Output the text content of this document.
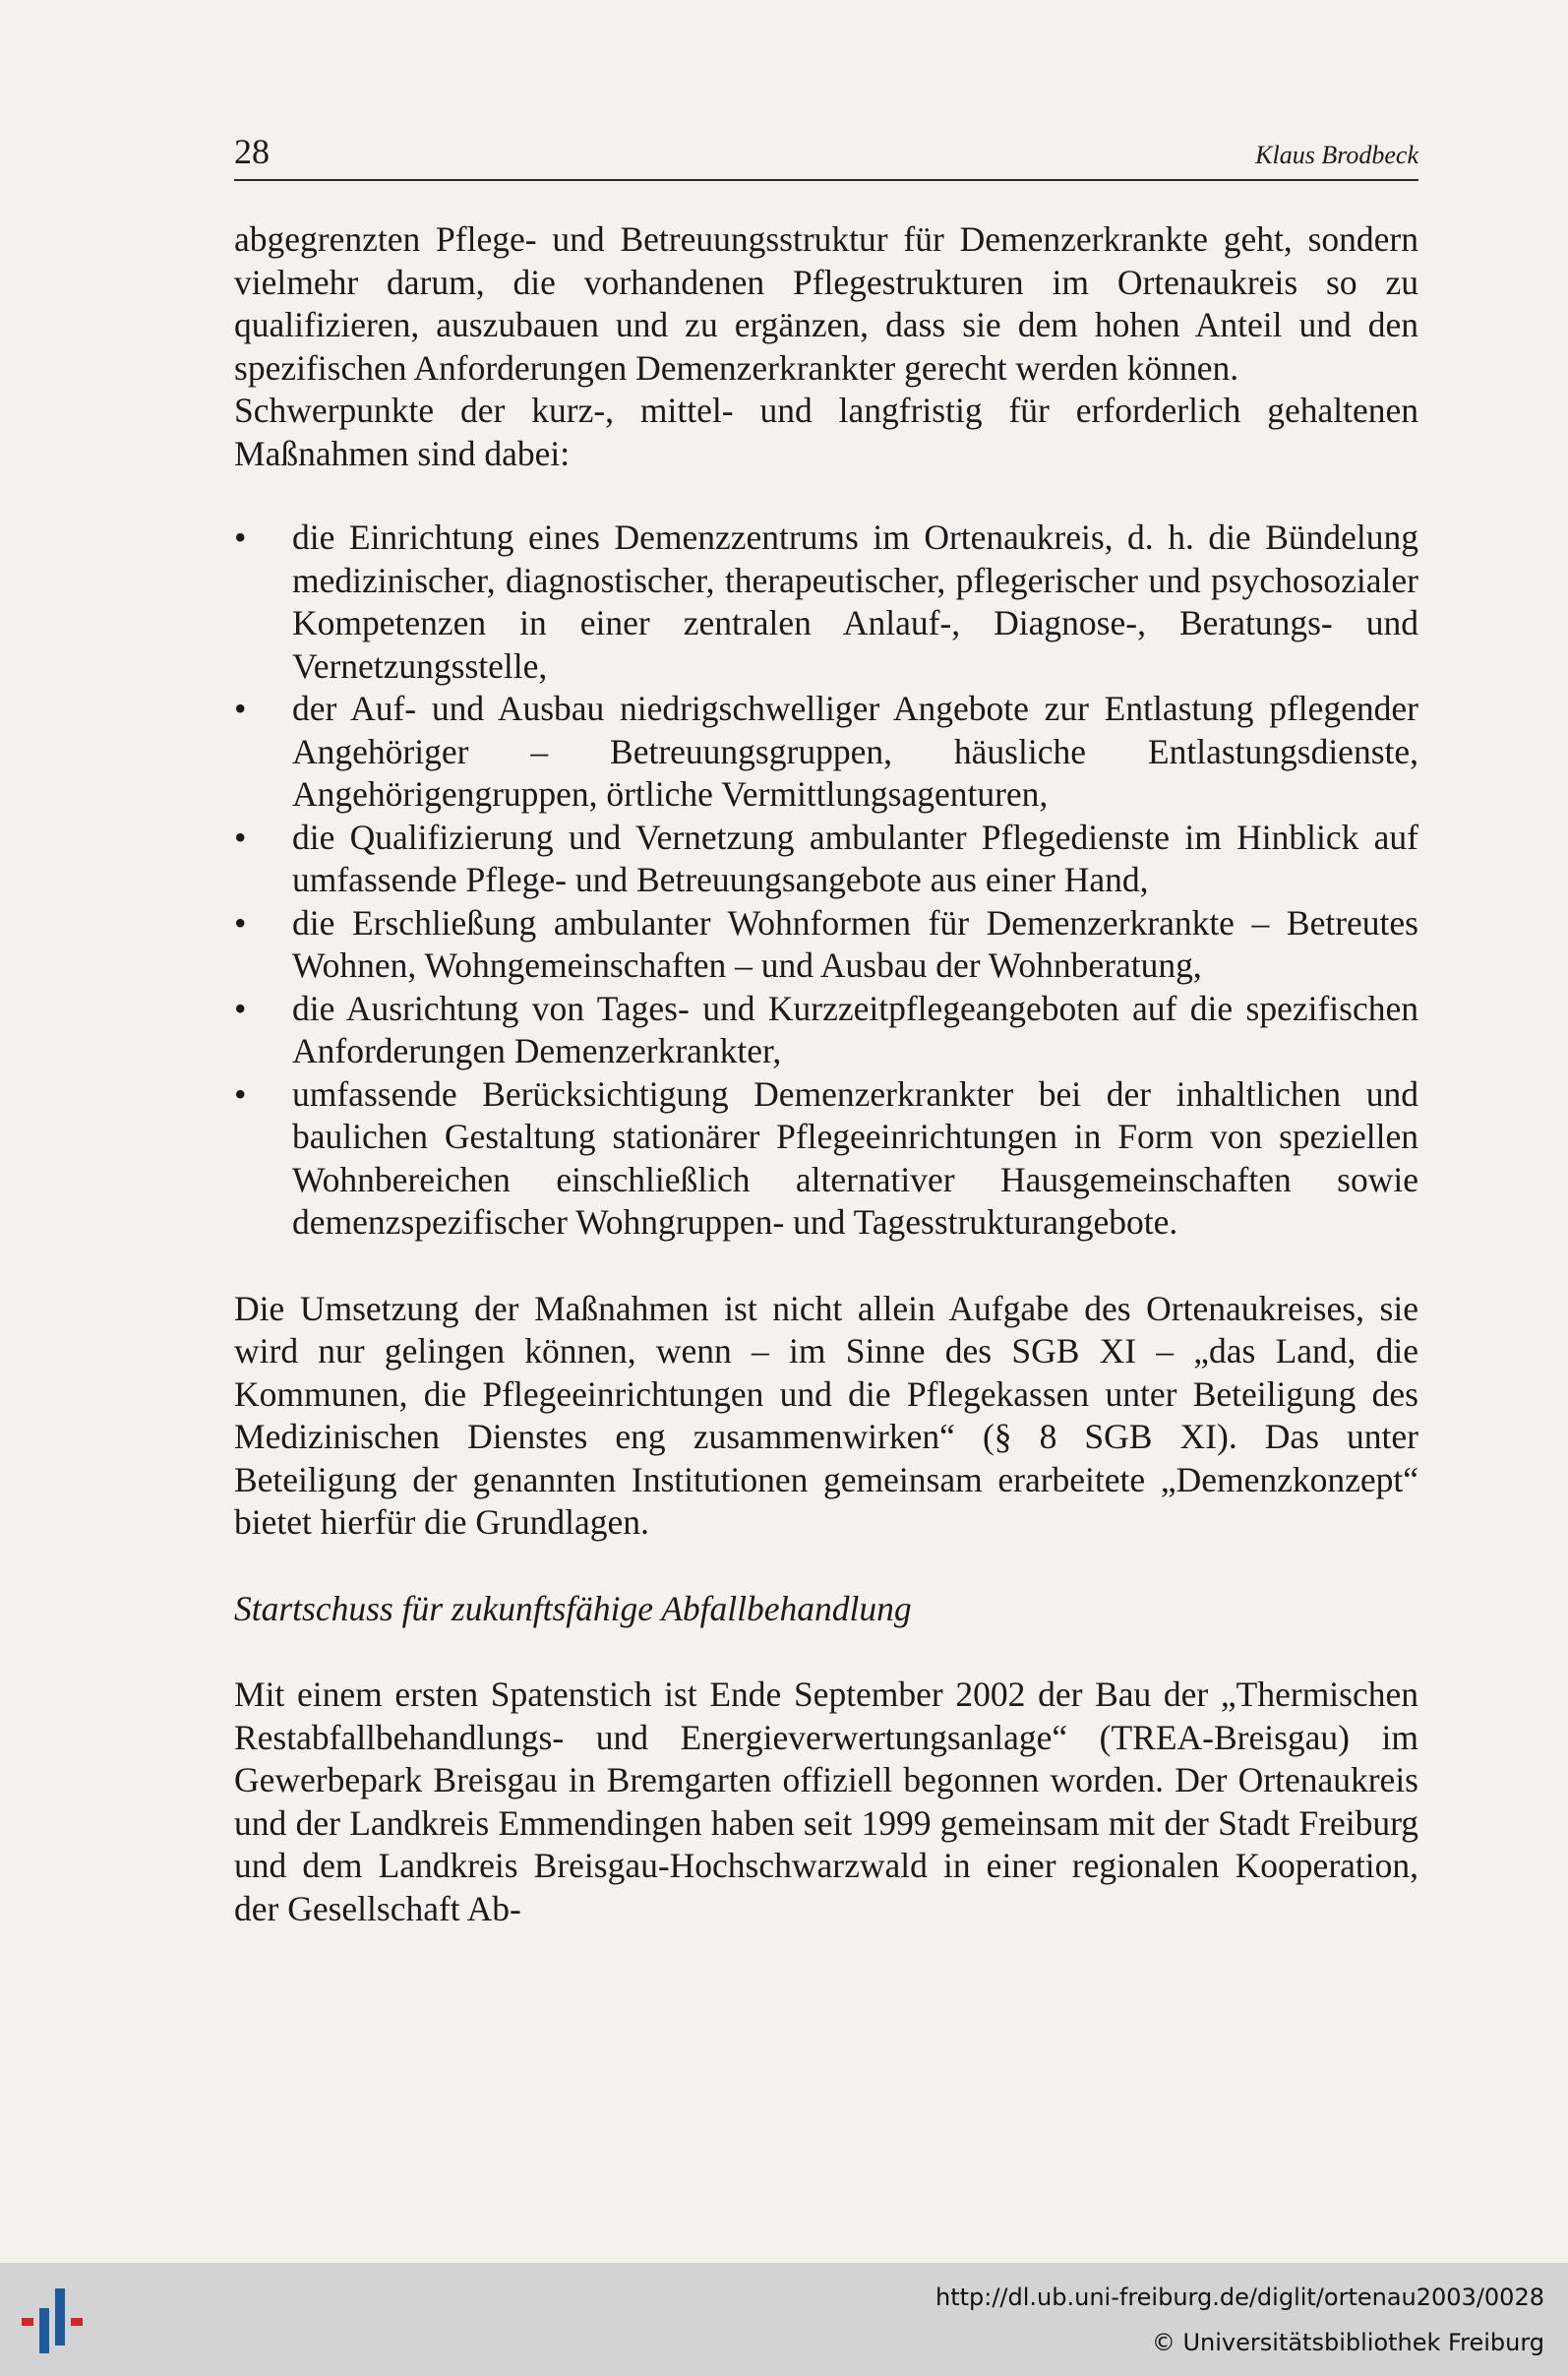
28	Klaus Brodbeck

abgegrenzten Pflege- und Betreuungsstruktur für Demenzerkrankte geht, sondern vielmehr darum, die vorhandenen Pflegestrukturen im Ortenaukreis so zu qualifizieren, auszubauen und zu ergänzen, dass sie dem hohen Anteil und den spezifischen Anforderungen Demenzerkrankter gerecht werden können.

Schwerpunkte der kurz-, mittel- und langfristig für erforderlich gehaltenen Maßnahmen sind dabei:

• die Einrichtung eines Demenzzentrums im Ortenaukreis, d. h. die Bündelung medizinischer, diagnostischer, therapeutischer, pflegerischer und psychosozialer Kompetenzen in einer zentralen Anlauf-, Diagnose-, Beratungs- und Vernetzungsstelle,
• der Auf- und Ausbau niedrigschwelliger Angebote zur Entlastung pflegender Angehöriger – Betreuungsgruppen, häusliche Entlastungsdienste, Angehörigengruppen, örtliche Vermittlungsagenturen,
• die Qualifizierung und Vernetzung ambulanter Pflegedienste im Hinblick auf umfassende Pflege- und Betreuungsangebote aus einer Hand,
• die Erschließung ambulanter Wohnformen für Demenzerkrankte – Betreutes Wohnen, Wohngemeinschaften – und Ausbau der Wohnberatung,
• die Ausrichtung von Tages- und Kurzzeitpflegeangeboten auf die spezifischen Anforderungen Demenzerkrankter,
• umfassende Berücksichtigung Demenzerkrankter bei der inhaltlichen und baulichen Gestaltung stationärer Pflegeeinrichtungen in Form von speziellen Wohnbereichen einschließlich alternativer Hausgemeinschaften sowie demenzspezifischer Wohngruppen- und Tagesstrukturangebote.

Die Umsetzung der Maßnahmen ist nicht allein Aufgabe des Ortenaukreises, sie wird nur gelingen können, wenn – im Sinne des SGB XI – „das Land, die Kommunen, die Pflegeeinrichtungen und die Pflegekassen unter Beteiligung des Medizinischen Dienstes eng zusammenwirken“ (§ 8 SGB XI). Das unter Beteiligung der genannten Institutionen gemeinsam erarbeitete „Demenzkonzept“ bietet hierfür die Grundlagen.

Startschuss für zukunftsfähige Abfallbehandlung

Mit einem ersten Spatenstich ist Ende September 2002 der Bau der „Thermischen Restabfallbehandlungs- und Energieverwertungsanlage“ (TREA-Breisgau) im Gewerbepark Breisgau in Bremgarten offiziell begonnen worden. Der Ortenaukreis und der Landkreis Emmendingen haben seit 1999 gemeinsam mit der Stadt Freiburg und dem Landkreis Breisgau-Hochschwarzwald in einer regionalen Kooperation, der Gesellschaft Ab-

http://dl.ub.uni-freiburg.de/diglit/ortenau2003/0028
© Universitätsbibliothek Freiburg
